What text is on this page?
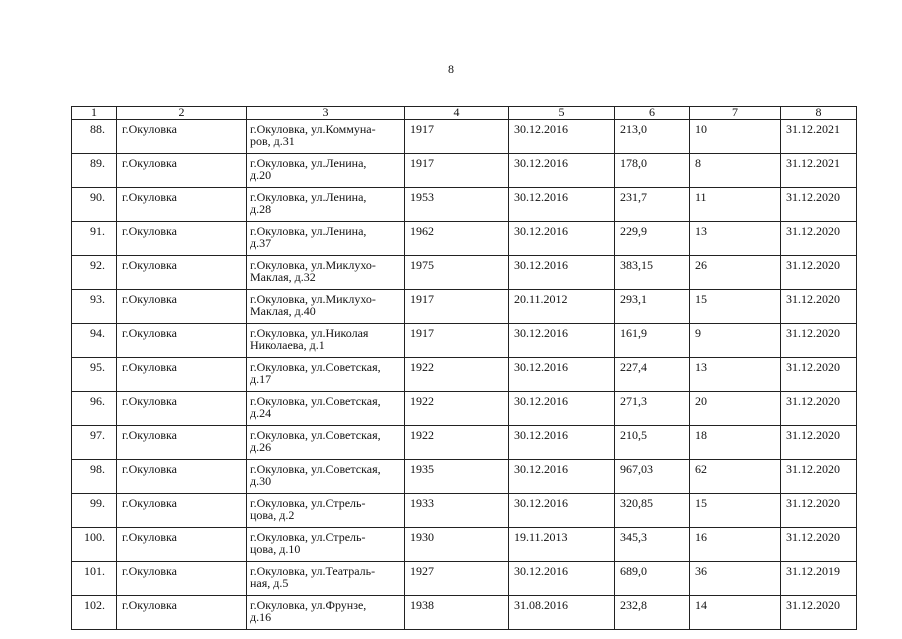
8
1	2	3	4	5	6	7	8
88.	г.Окуловка	г.Окуловка, ул.Коммуна-
ров, д.31	1917	30.12.2016	213,0	10	31.12.2021
89.	г.Окуловка	г.Окуловка, ул.Ленина,
д.20	1917	30.12.2016	178,0	8	31.12.2021
90.	г.Окуловка	г.Окуловка, ул.Ленина,
д.28	1953	30.12.2016	231,7	11	31.12.2020
91.	г.Окуловка	г.Окуловка, ул.Ленина,
д.37	1962	30.12.2016	229,9	13	31.12.2020
92.	г.Окуловка	г.Окуловка, ул.Миклухо-
Маклая, д.32	1975	30.12.2016	383,15	26	31.12.2020
93.	г.Окуловка	г.Окуловка, ул.Миклухо-
Маклая, д.40	1917	20.11.2012	293,1	15	31.12.2020
94.	г.Окуловка	г.Окуловка, ул.Николая
Николаева, д.1	1917	30.12.2016	161,9	9	31.12.2020
95.	г.Окуловка	г.Окуловка, ул.Советская,
д.17	1922	30.12.2016	227,4	13	31.12.2020
96.	г.Окуловка	г.Окуловка, ул.Советская,
д.24	1922	30.12.2016	271,3	20	31.12.2020
97.	г.Окуловка	г.Окуловка, ул.Советская,
д.26	1922	30.12.2016	210,5	18	31.12.2020
98.	г.Окуловка	г.Окуловка, ул.Советская,
д.30	1935	30.12.2016	967,03	62	31.12.2020
99.	г.Окуловка	г.Окуловка, ул.Стрель-
цова, д.2	1933	30.12.2016	320,85	15	31.12.2020
100.	г.Окуловка	г.Окуловка, ул.Стрель-
цова, д.10	1930	19.11.2013	345,3	16	31.12.2020
101.	г.Окуловка	г.Окуловка, ул.Театраль-
ная, д.5	1927	30.12.2016	689,0	36	31.12.2019
102.	г.Окуловка	г.Окуловка, ул.Фрунзе,
д.16	1938	31.08.2016	232,8	14	31.12.2020
